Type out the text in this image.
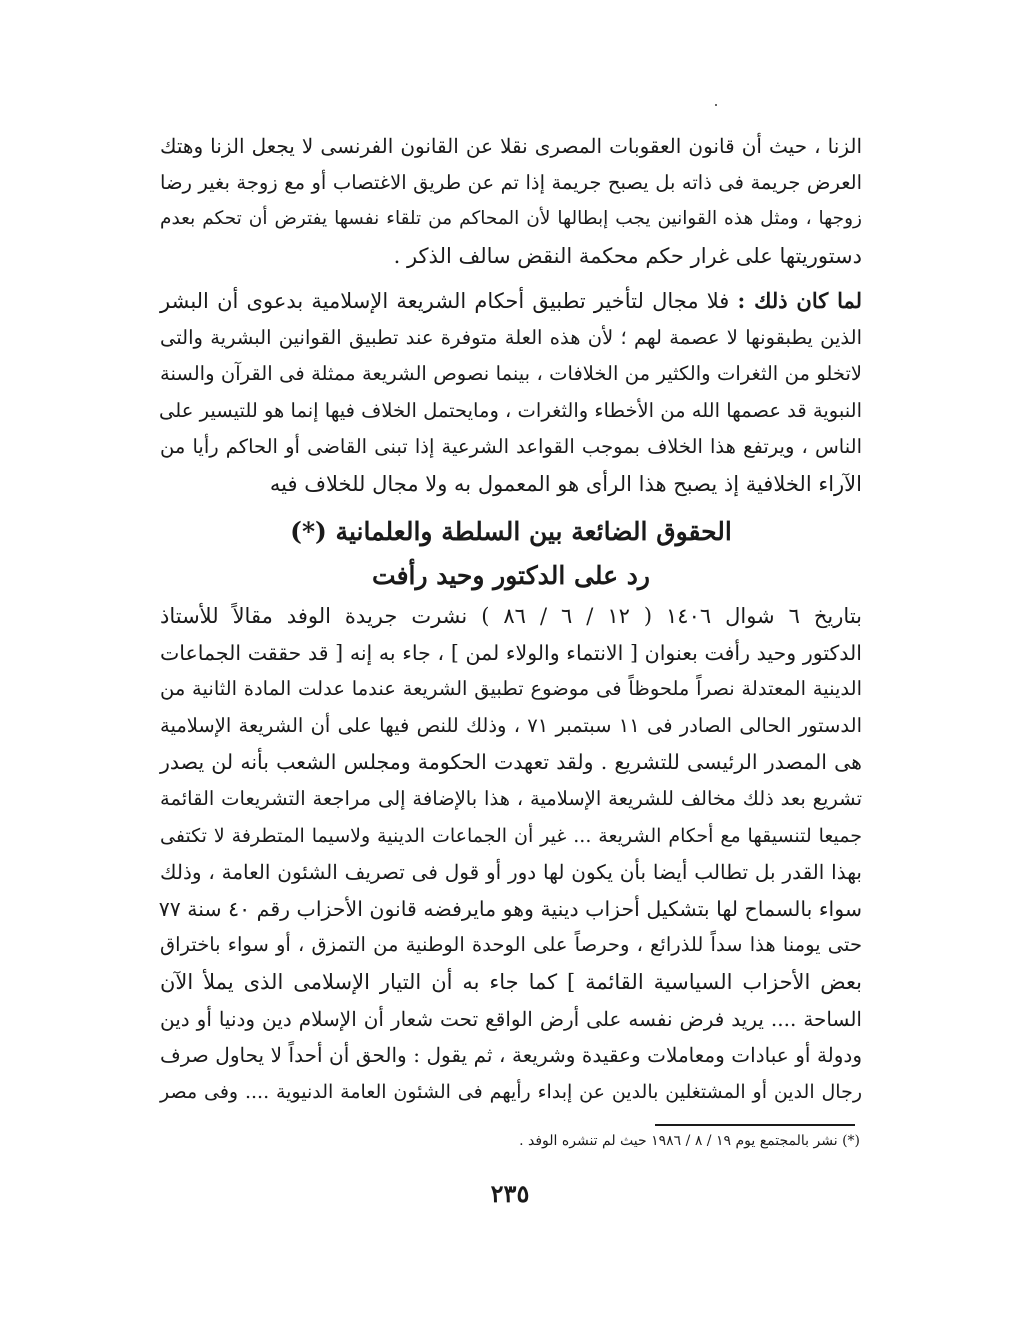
الزنا ، حيث أن قانون العقوبات المصرى نقلا عن القانون الفرنسى لا يجعل الزنا وهتك
العرض جريمة فى ذاته بل يصبح جريمة إذا تم عن طريق الاغتصاب أو مع زوجة بغير رضا
زوجها ، ومثل هذه القوانين يجب إبطالها لأن المحاكم من تلقاء نفسها يفترض أن تحكم بعدم
دستوريتها على غرار حكم محكمة النقض سالف الذكر .
لما كان ذلك : فلا مجال لتأخير تطبيق أحكام الشريعة الإسلامية بدعوى أن البشر
الذين يطبقونها لا عصمة لهم ؛ لأن هذه العلة متوفرة عند تطبيق القوانين البشرية والتى
لاتخلو من الثغرات والكثير من الخلافات ، بينما نصوص الشريعة ممثلة فى القرآن والسنة
النبوية قد عصمها الله من الأخطاء والثغرات ، ومايحتمل الخلاف فيها إنما هو للتيسير على
الناس ، ويرتفع هذا الخلاف بموجب القواعد الشرعية إذا تبنى القاضى أو الحاكم رأيا من
الآراء الخلافية إذ يصبح هذا الرأى هو المعمول به ولا مجال للخلاف فيه
الحقوق الضائعة بين السلطة والعلمانية (*)
رد على الدكتور وحيد رأفت
بتاريخ ٦ شوال ١٤٠٦ ( ١٢ / ٦ / ٨٦ ) نشرت جريدة الوفد مقالاً للأستاذ
الدكتور وحيد رأفت بعنوان [ الانتماء والولاء لمن ] ، جاء به إنه [ قد حققت الجماعات
الدينية المعتدلة نصراً ملحوظاً فى موضوع تطبيق الشريعة عندما عدلت المادة الثانية من
الدستور الحالى الصادر فى ١١ سبتمبر ٧١ ، وذلك للنص فيها على أن الشريعة الإسلامية
هى المصدر الرئيسى للتشريع . ولقد تعهدت الحكومة ومجلس الشعب بأنه لن يصدر
تشريع بعد ذلك مخالف للشريعة الإسلامية ، هذا بالإضافة إلى مراجعة التشريعات القائمة
جميعا لتنسيقها مع أحكام الشريعة ... غير أن الجماعات الدينية ولاسيما المتطرفة لا تكتفى
بهذا القدر بل تطالب أيضا بأن يكون لها دور أو قول فى تصريف الشئون العامة ، وذلك
سواء بالسماح لها بتشكيل أحزاب دينية وهو مايرفضه قانون الأحزاب رقم ٤٠ سنة ٧٧
حتى يومنا هذا سداً للذرائع ، وحرصاً على الوحدة الوطنية من التمزق ، أو سواء باختراق
بعض الأحزاب السياسية القائمة ] كما جاء به أن التيار الإسلامى الذى يملأ الآن
الساحة .... يريد فرض نفسه على أرض الواقع تحت شعار أن الإسلام دين ودنيا أو دين
ودولة أو عبادات ومعاملات وعقيدة وشريعة ، ثم يقول : والحق أن أحداً لا يحاول صرف
رجال الدين أو المشتغلين بالدين عن إبداء رأيهم فى الشئون العامة الدنيوية .... وفى مصر
(*) نشر بالمجتمع يوم ١٩ / ٨ / ١٩٨٦ حيث لم تنشره الوفد .
٢٣٥
